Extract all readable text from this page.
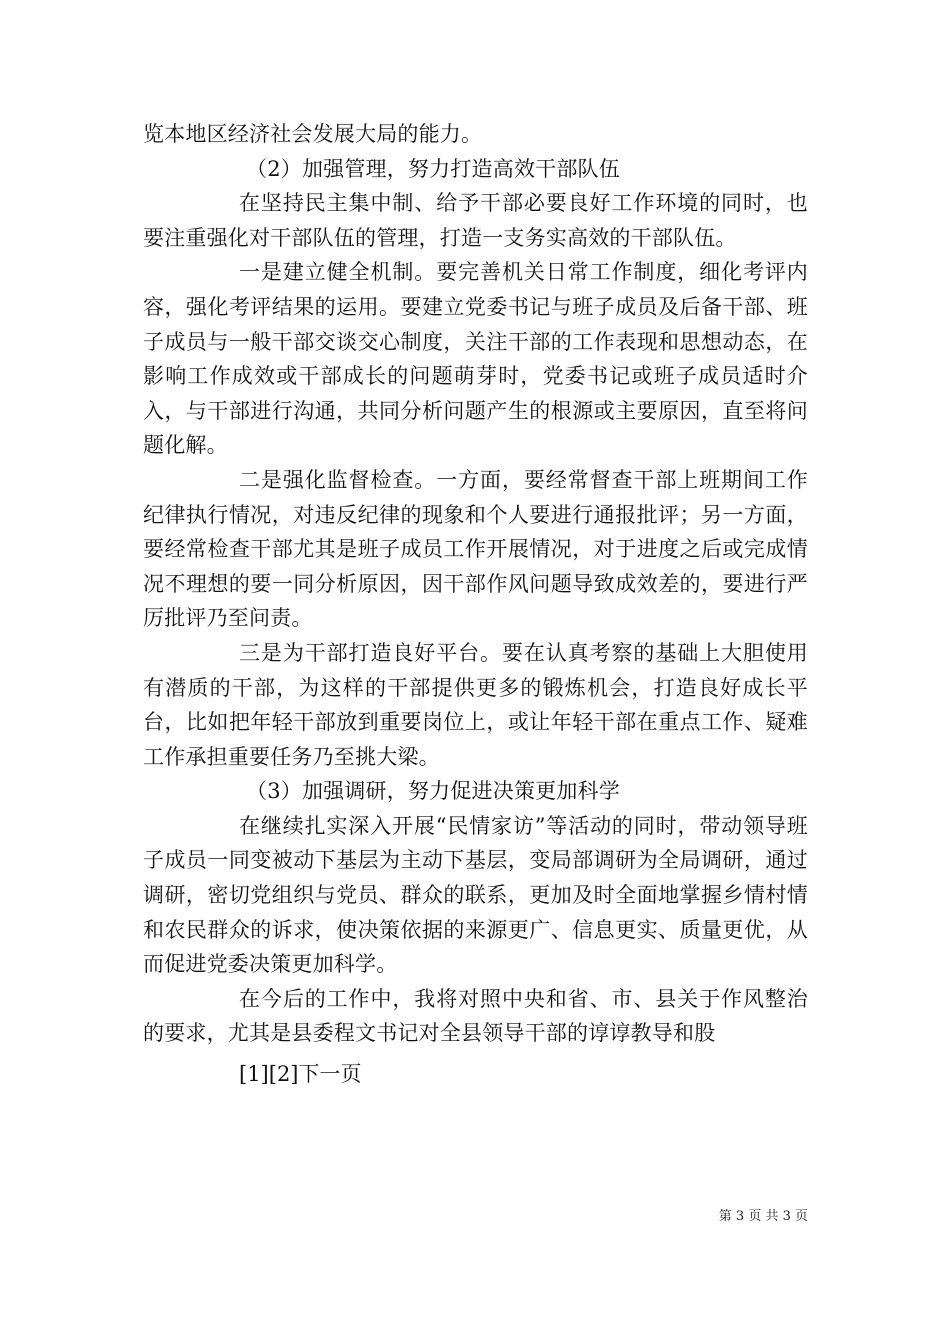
览本地区经济社会发展大局的能力。

（2）加强管理，努力打造高效干部队伍

在坚持民主集中制、给予干部必要良好工作环境的同时，也要注重强化对干部队伍的管理，打造一支务实高效的干部队伍。

一是建立健全机制。要完善机关日常工作制度，细化考评内容，强化考评结果的运用。要建立党委书记与班子成员及后备干部、班子成员与一般干部交谈交心制度，关注干部的工作表现和思想动态，在影响工作成效或干部成长的问题萌芽时，党委书记或班子成员适时介入，与干部进行沟通，共同分析问题产生的根源或主要原因，直至将问题化解。

二是强化监督检查。一方面，要经常督查干部上班期间工作纪律执行情况，对违反纪律的现象和个人要进行通报批评；另一方面，要经常检查干部尤其是班子成员工作开展情况，对于进度之后或完成情况不理想的要一同分析原因，因干部作风问题导致成效差的，要进行严厉批评乃至问责。

三是为干部打造良好平台。要在认真考察的基础上大胆使用有潜质的干部，为这样的干部提供更多的锻炼机会，打造良好成长平台，比如把年轻干部放到重要岗位上，或让年轻干部在重点工作、疑难工作承担重要任务乃至挑大梁。

（3）加强调研，努力促进决策更加科学

在继续扎实深入开展“民情家访”等活动的同时，带动领导班子成员一同变被动下基层为主动下基层，变局部调研为全局调研，通过调研，密切党组织与党员、群众的联系，更加及时全面地掌握乡情村情和农民群众的诉求，使决策依据的来源更广、信息更实、质量更优，从而促进党委决策更加科学。

在今后的工作中，我将对照中央和省、市、县关于作风整治的要求，尤其是县委程文书记对全县领导干部的谆谆教导和股

[1][2]下一页
第 3 页 共 3 页
